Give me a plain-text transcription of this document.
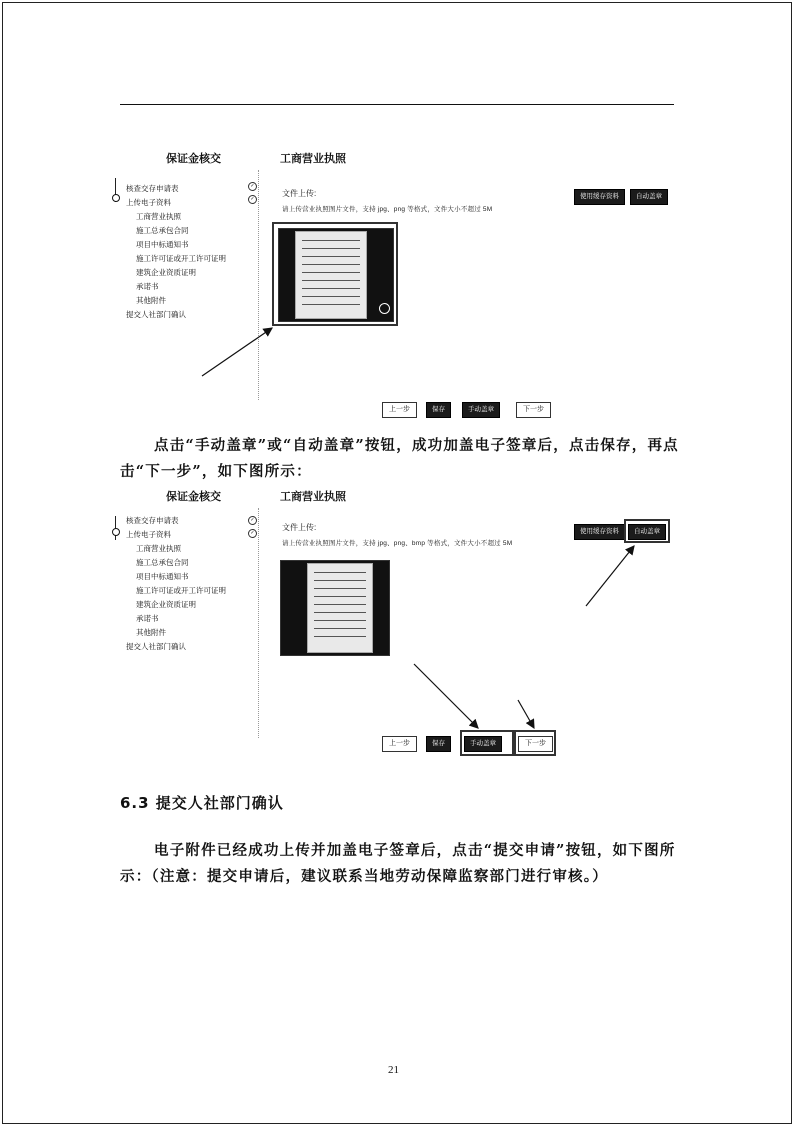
保证金核交	工商营业执照
核查交存申请表
上传电子资料
工商营业执照
施工总承包合同
项目中标通知书
施工许可证或开工许可证明
建筑企业资质证明
承诺书
其他附件
提交人社部门确认
✓
✓
文件上传:
请上传营业执照图片文件，支持 jpg、png 等格式，文件大小不超过 5M
使用缓存资料	自动盖章
上一步	保存	手动盖章	下一步
点击“手动盖章”或“自动盖章”按钮，成功加盖电子签章后，点击保存，再点击“下一步”，如下图所示：
保证金核交	工商营业执照
核查交存申请表
上传电子资料
工商营业执照
施工总承包合同
项目中标通知书
施工许可证或开工许可证明
建筑企业资质证明
承诺书
其他附件
提交人社部门确认
✓
✓
文件上传:
请上传营业执照图片文件，支持 jpg、png、bmp 等格式，文件大小不超过 5M
使用缓存资料	自动盖章
上一步	保存	手动盖章	下一步
6.3 提交人社部门确认
电子附件已经成功上传并加盖电子签章后，点击“提交申请”按钮，如下图所示：（注意：提交申请后，建议联系当地劳动保障监察部门进行审核。）
21
